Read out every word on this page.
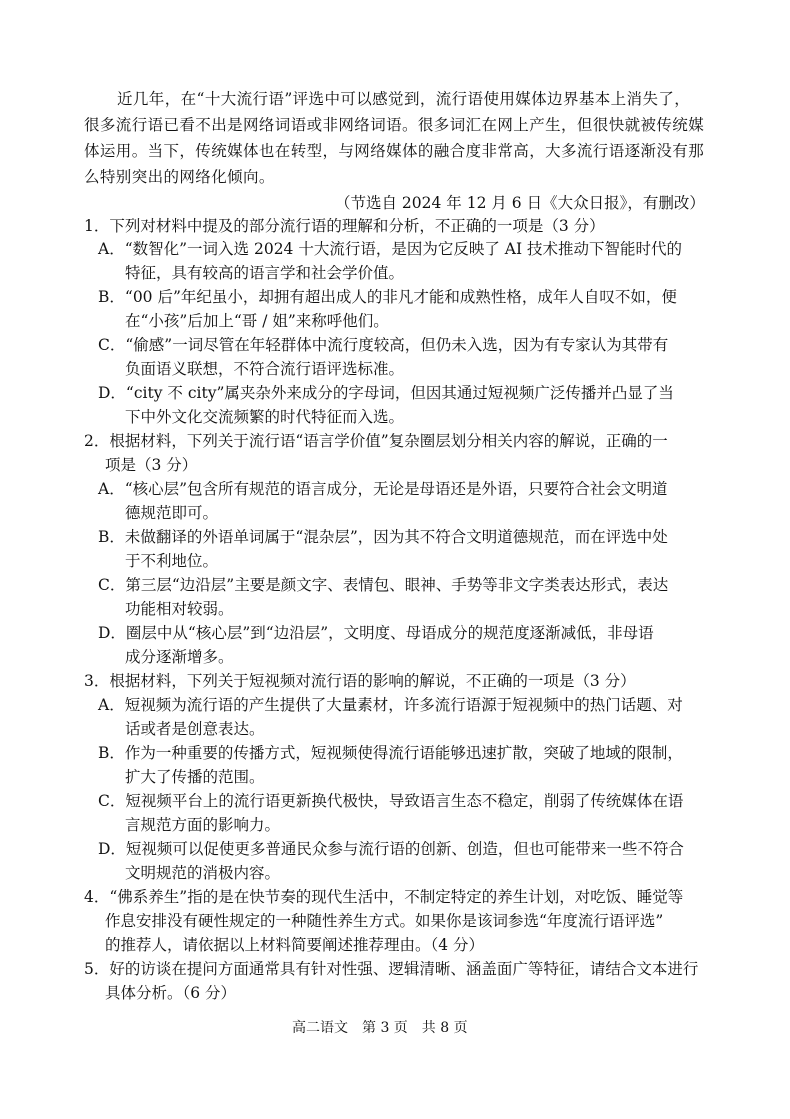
近几年，在“十大流行语”评选中可以感觉到，流行语使用媒体边界基本上消失了，
很多流行语已看不出是网络词语或非网络词语。很多词汇在网上产生，但很快就被传统媒
体运用。当下，传统媒体也在转型，与网络媒体的融合度非常高，大多流行语逐渐没有那
么特别突出的网络化倾向。
（节选自 2024 年 12 月 6 日《大众日报》，有删改）
1．下列对材料中提及的部分流行语的理解和分析，不正确的一项是（3 分）
A．“数智化”一词入选 2024 十大流行语，是因为它反映了 AI 技术推动下智能时代的
特征，具有较高的语言学和社会学价值。
B．“00 后”年纪虽小，却拥有超出成人的非凡才能和成熟性格，成年人自叹不如，便
在“小孩”后加上“哥 / 姐”来称呼他们。
C．“偷感”一词尽管在年轻群体中流行度较高，但仍未入选，因为有专家认为其带有
负面语义联想，不符合流行语评选标准。
D．“city 不 city”属夹杂外来成分的字母词，但因其通过短视频广泛传播并凸显了当
下中外文化交流频繁的时代特征而入选。
2．根据材料，下列关于流行语“语言学价值”复杂圈层划分相关内容的解说，正确的一
项是（3 分）
A．“核心层”包含所有规范的语言成分，无论是母语还是外语，只要符合社会文明道
德规范即可。
B．未做翻译的外语单词属于“混杂层”，因为其不符合文明道德规范，而在评选中处
于不利地位。
C．第三层“边沿层”主要是颜文字、表情包、眼神、手势等非文字类表达形式，表达
功能相对较弱。
D．圈层中从“核心层”到“边沿层”，文明度、母语成分的规范度逐渐减低，非母语
成分逐渐增多。
3．根据材料，下列关于短视频对流行语的影响的解说，不正确的一项是（3 分）
A．短视频为流行语的产生提供了大量素材，许多流行语源于短视频中的热门话题、对
话或者是创意表达。
B．作为一种重要的传播方式，短视频使得流行语能够迅速扩散，突破了地域的限制，
扩大了传播的范围。
C．短视频平台上的流行语更新换代极快，导致语言生态不稳定，削弱了传统媒体在语
言规范方面的影响力。
D．短视频可以促使更多普通民众参与流行语的创新、创造，但也可能带来一些不符合
文明规范的消极内容。
4．“佛系养生”指的是在快节奏的现代生活中，不制定特定的养生计划，对吃饭、睡觉等
作息安排没有硬性规定的一种随性养生方式。如果你是该词参选“年度流行语评选”
的推荐人，请依据以上材料简要阐述推荐理由。（4 分）
5．好的访谈在提问方面通常具有针对性强、逻辑清晰、涵盖面广等特征，请结合文本进行
具体分析。（6 分）
高二语文　第 3 页　共 8 页
